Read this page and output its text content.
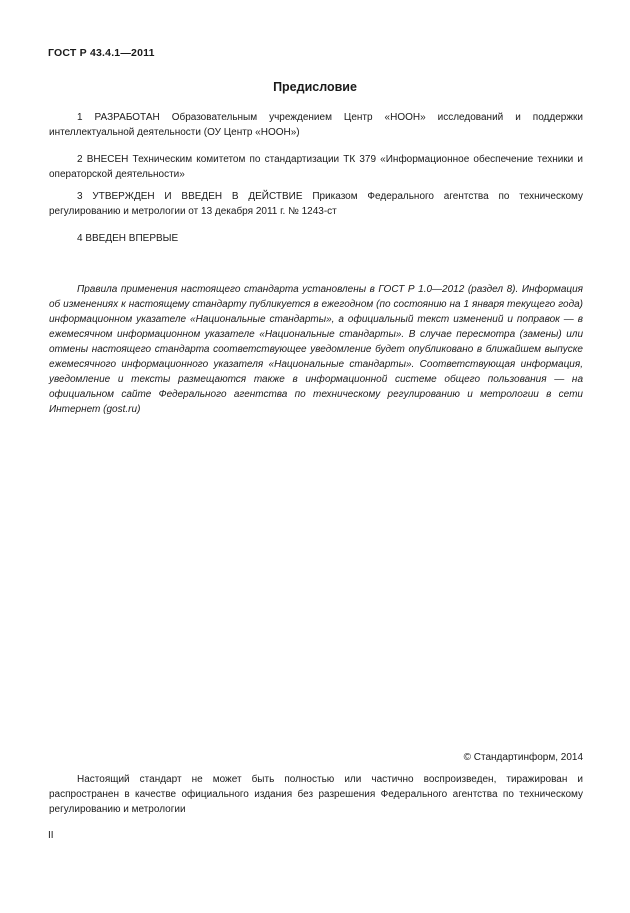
ГОСТ Р 43.4.1—2011
Предисловие

1 РАЗРАБОТАН Образовательным учреждением Центр «НООН» исследований и поддержки интеллектуальной деятельности (ОУ Центр «НООН»)

2 ВНЕСЕН Техническим комитетом по стандартизации ТК 379 «Информационное обеспечение техники и операторской деятельности»

3 УТВЕРЖДЕН И ВВЕДЕН В ДЕЙСТВИЕ Приказом Федерального агентства по техническому регулированию и метрологии от 13 декабря 2011 г. № 1243-ст

4 ВВЕДЕН ВПЕРВЫЕ

Правила применения настоящего стандарта установлены в ГОСТ Р 1.0—2012 (раздел 8). Информация об изменениях к настоящему стандарту публикуется в ежегодном (по состоянию на 1 января текущего года) информационном указателе «Национальные стандарты», а официальный текст изменений и поправок — в ежемесячном информационном указателе «Национальные стандарты». В случае пересмотра (замены) или отмены настоящего стандарта соответствующее уведомление будет опубликовано в ближайшем выпуске ежемесячного информационного указателя «Национальные стандарты». Соответствующая информация, уведомление и тексты размещаются также в информационной системе общего пользования — на официальном сайте Федерального агентства по техническому регулированию и метрологии в сети Интернет (gost.ru)

© Стандартинформ, 2014

Настоящий стандарт не может быть полностью или частично воспроизведен, тиражирован и распространен в качестве официального издания без разрешения Федерального агентства по техническому регулированию и метрологии

II
